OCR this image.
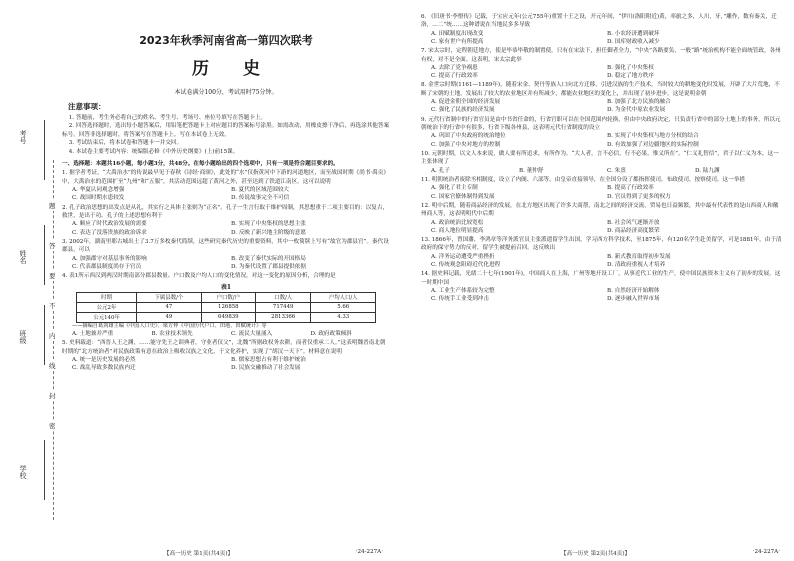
考号
姓名
班级
学校
题
答
要
不
内
线
封
密
2023年秋季河南省高一第四次联考
历 史
本试卷满分100分，考试用时75分钟。
注意事项：

1. 答题前，考生务必将自己的姓名、考生号、考场号、座位号填写在答题卡上。

2. 回答选择题时，选出每小题答案后，用铅笔把答题卡上对应题目的答案标号涂黑。如需改动，用橡皮擦干净后，再选涂其他答案标号。回答非选择题时，将答案写在答题卡上。写在本试卷上无效。

3. 考试结束后，将本试卷和答题卡一并交回。

4. 本试卷主要考试内容：统编版必修《中外历史纲要》(上)前15课。

一、选择题：本题共16小题，每小题3分，共48分。在每小题给出的四个选项中，只有一项是符合题目要求的。

1. 据学者考证，“大禹治水”的传说最早见于春秋《诗经·商颂》，此处的“水”仅指黄河中下游的河道地区，而至战国时期《尚书·禹贡》中，大禹治水的范围扩至“九州”和“五服”，其活动范围远超了黄河之外，甚至达到了铁道江南区。这可以说明

A. 华夏认同观念增强	B. 夏代的区域范围较大
C. 战国时期水患较发	D. 传说故事完全不可信

2. 孔子政治思想的出发点是从礼，其实行之具体主张则为“正名”。孔子一生言行取于维护周制，其思想重于二项主要目的：以复古，救世，是出于功。孔子的上述思想有利于

A. 顺应了时代政治发展的需要	B. 实现了中央集权的思想主张
C. 表达了没落贵族的政治诉求	D. 反映了新兴地主阶级的意愿

3. 2002年，湖南里耶古城出土了3.7万多枚秦代简牍，这些研究秦代历史的重要资料，其中一枚简牍上写有“故官为郡县官”。秦代设郡县，可以

A. 加强郡守对基层事务的影响	B. 改变了秦代实际的开国格局
C. 代表郡县制度尚存于官员	D. 为秦代设置了郡县提供依据

4. 表1所示西汉到两汉时期南部分郡县数量、户口数及户均人口的变化情况。对这一变化的原因分析，合理的是

表1
时期	下属县数/个	户口数/户	口数/人	户均人口/人
公元2年	47	126858	717449	5.66
公元140年	49	649839	2813366	4.33
——摘编自葛剑雄主编《中国人口史》、梁方仲《中国历代户口、田地、田赋统计》等
A. 土地兼并严重	B. 农业技术领先	C. 流民大量涌入	D. 政府政策倾斜

5. 史料载道：“西晋人王之渊，……能守先王之训典者，守业者仅父”，北魏“所据政权务农耕，而者仅重承二人。”这表明魏晋南北朝时期的“北方统治者”对民族政策有意在政治上吸收汉族之文化，于文化养护，实现了“胡汉一天下”。材料意在说明

A. 统一是历史发展的必然	B. 儒家思想占有利于维护统治
C. 战乱导致多数民族内迁	D. 民族交融推动了社会发展
【高一历史 第1页(共4页)】	·24-227A·

6. 《旧唐书·李憕传》记载，于宝应元年(公元755年)重置十王之设，开元年间，“伊川(洛阳附近)黄，率旅之多，人川，牙，”雕作，数有秦关，迁洛，…二”统……这种谱说在当地民多多导致

A. 田赋制度出现改变	B. 小农经济遭到破坏
C. 家有世户有所提高	D. 国库财政收入减少

7. 宋太宗时，定程朝廷地方，使是毕恭毕敬的制置使，只有在宋法下，担任御者全力，“中央”各路要负，一般“路”统治机构不能全面统管政，各州有权，对不是全面。这表明，宋太宗此举

A. 去除了党争祸患	B. 强化了中央集权
C. 提高了行政效率	D. 稳定了地方秩序

8. 金世宗时期(1161—1189年)，随着宋金、契丹等族人口向北方迁移，引进汉族的生产技术，当时较大的耕地变化时发展，开辟了大片荒地，不断了宋朝的土地，发展出了较大的农业地区并有所减少，都能农业地区的变化上，并出现了初步进步。这是说明金朝

A. 促进金朝全国的经济发展	B. 加强了北方民族的融合
C. 强化了民族的经济发展	D. 为金代中原农业发展

9. 元代行省制中的行省官员是由中书省任命的，行省官职可以在全国范围内轮换，但由中央政府决定，只负责行省中的部分土地上的事务，所以元朝统治下的行省中有很多，行省下级各州县，这表明元代行省制度的设立

A. 巩固了中央政府的统治地位	B. 实现了中央集权与地方分权的结合
C. 加强了中央对地方的控制	D. 有效加强了对边疆地区的实际控制

10. 元朝时期，以文人本来说，做人要有所追求，有所作为。“大人者，言不必信，行不必果，惟义所在”。“仁义礼智信”，君子以仁义为本，这一主张体现了

A. 孔子	B. 董仲舒	C. 朱熹	D. 陆九渊

11. 明朝统治者废除丞相制度，设立了内阁、六部等，由皇帝直接领导，在全国分设了都指挥使司，布政使司，按察使司，这一举措

A. 强化了君主专制	B. 提高了行政效率
C. 国家官僚体制得到发展	D. 官员得到了更多的权力

12. 明中后期，随着商品经济的发展，在北方地区出现了许多大商帮，南北之间的经济交流、贸易也日益频繁，其中最有代表性的是山西商人和徽州商人等，这表明明代中后期

A. 政治统治比较宽松	B. 社会风气逐渐开放
C. 商人地位明显提高	D. 商品经济高度繁荣

13. 1866年，曾国藩，李鸿章等洋务派官员主张派遣留学生出国，学习西方科学技术，至1875年，有120名学生赴美留学，可是1881年，由于清政府的保守势力的反对，留学生被提前召回。这反映出

A. 洋务运动遭受严重挫折	B. 新式教育取得初步发展
C. 传统观念阻碍近代化进程	D. 清政府重视人才培养

14. 据史料记载，光绪二十七年(1901年)，中国商人在上海，广州等地开设工厂，从事近代工业的生产，使中国民族资本主义有了初步的发展。这一时期中国

A. 工业生产体系较为完整	B. 自然经济开始解体
C. 传统手工业受到冲击	D. 逐步融入世界市场
【高一历史 第2页(共4页)】	·24-227A·
